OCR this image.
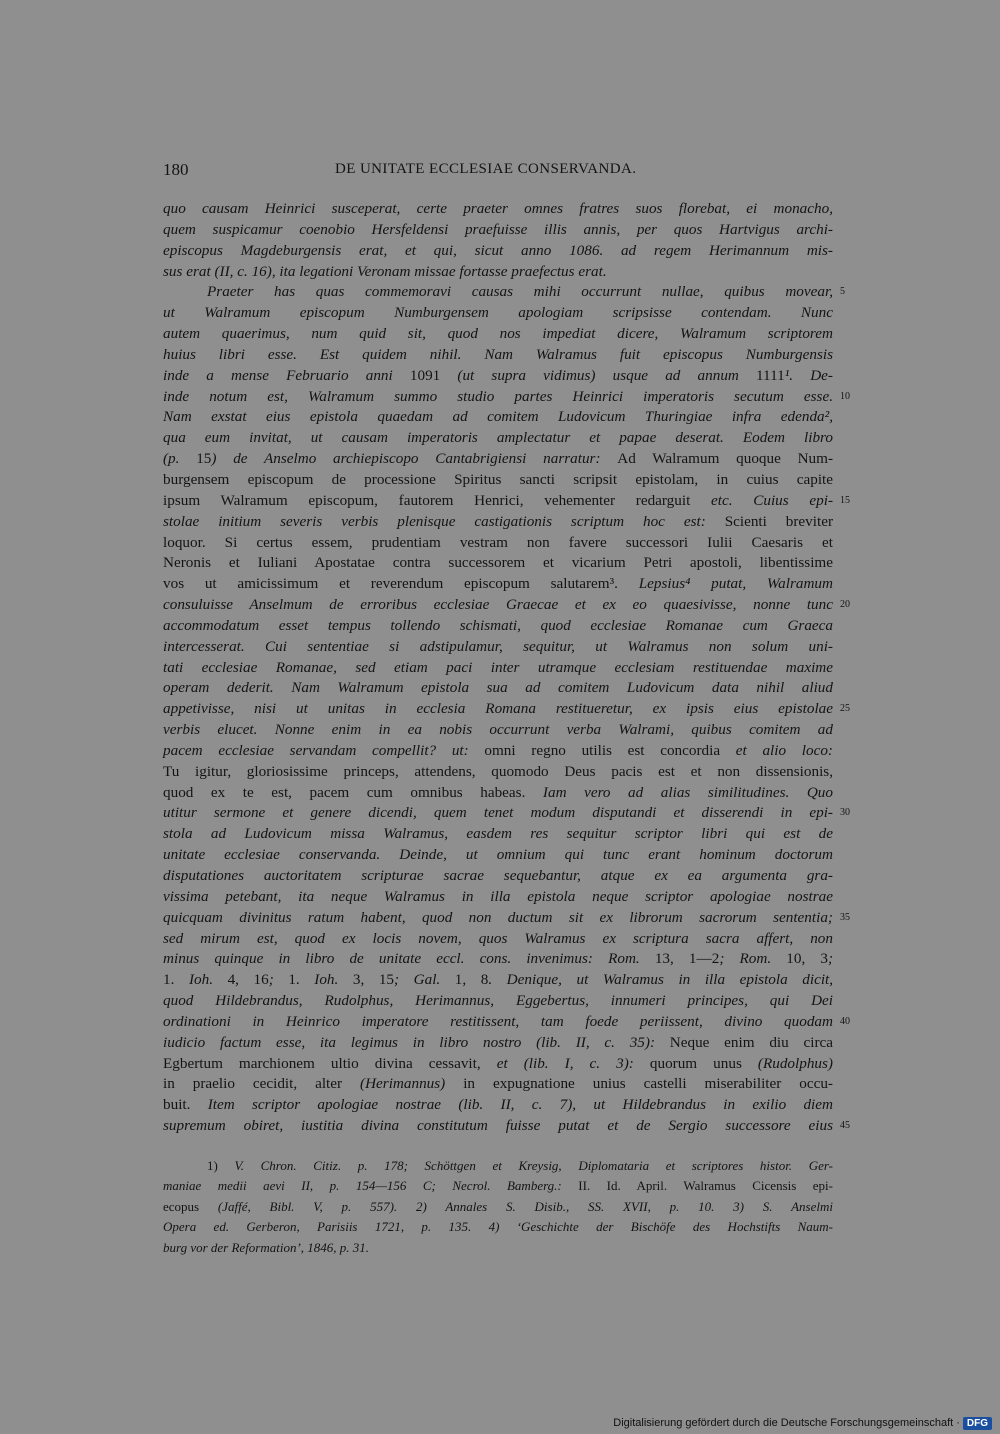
180	DE UNITATE ECCLESIAE CONSERVANDA.
quo causam Heinrici susceperat, certe praeter omnes fratres suos florebat, ei monacho,
quem suspicamur coenobio Hersfeldensi praefuisse illis annis, per quos Hartvigus archi-
episcopus Magdeburgensis erat, et qui, sicut anno 1086. ad regem Herimannum mis-
sus erat (II, c. 16), ita legationi Veronam missae fortasse praefectus erat.
Praeter has quas commemoravi causas mihi occurrunt nullae, quibus movear, 5
ut Walramum episcopum Numburgensem apologiam scripsisse contendam. Nunc
autem quaerimus, num quid sit, quod nos impediat dicere, Walramum scriptorem
huius libri esse. Est quidem nihil. Nam Walramus fuit episcopus Numburgensis
inde a mense Februario anni 1091 (ut supra vidimus) usque ad annum 1111¹. De-
inde notum est, Walramum summo studio partes Heinrici imperatoris secutum esse. 10
Nam exstat eius epistola quaedam ad comitem Ludovicum Thuringiae infra edenda²,
qua eum invitat, ut causam imperatoris amplectatur et papae deserat. Eodem libro
(p. 15) de Anselmo archiepiscopo Cantabrigiensi narratur: Ad Walramum quoque Num-
burgensem episcopum de processione Spiritus sancti scripsit epistolam, in cuius capite
ipsum Walramum episcopum, fautorem Henrici, vehementer redarguit etc. Cuius epi- 15
stolae initium severis verbis plenisque castigationis scriptum hoc est: Scienti breviter
loquor. Si certus essem, prudentiam vestram non favere successori Iulii Caesaris et
Neronis et Iuliani Apostatae contra successorem et vicarium Petri apostoli, libentissime
vos ut amicissimum et reverendum episcopum salutarem³. Lepsius⁴ putat, Walramum
consuluisse Anselmum de erroribus ecclesiae Graecae et ex eo quaesivisse, nonne tunc 20
accommodatum esset tempus tollendo schismati, quod ecclesiae Romanae cum Graeca
intercesserat. Cui sententiae si adstipulamur, sequitur, ut Walramus non solum uni-
tati ecclesiae Romanae, sed etiam paci inter utramque ecclesiam restituendae maxime
operam dederit. Nam Walramum epistola sua ad comitem Ludovicum data nihil aliud
appetivisse, nisi ut unitas in ecclesia Romana restitueretur, ex ipsis eius epistolae 25
verbis elucet. Nonne enim in ea nobis occurrunt verba Walrami, quibus comitem ad
pacem ecclesiae servandam compellit? ut: omni regno utilis est concordia et alio loco:
Tu igitur, gloriosissime princeps, attendens, quomodo Deus pacis est et non dissensionis,
quod ex te est, pacem cum omnibus habeas. Iam vero ad alias similitudines. Quo
utitur sermone et genere dicendi, quem tenet modum disputandi et disserendi in epi- 30
stola ad Ludovicum missa Walramus, easdem res sequitur scriptor libri qui est de
unitate ecclesiae conservanda. Deinde, ut omnium qui tunc erant hominum doctorum
disputationes auctoritatem scripturae sacrae sequebantur, atque ex ea argumenta gra-
vissima petebant, ita neque Walramus in illa epistola neque scriptor apologiae nostrae
quicquam divinitus ratum habent, quod non ductum sit ex librorum sacrorum sententia; 35
sed mirum est, quod ex locis novem, quos Walramus ex scriptura sacra affert, non
minus quinque in libro de unitate eccl. cons. invenimus: Rom. 13, 1—2; Rom. 10, 3;
1. Ioh. 4, 16; 1. Ioh. 3, 15; Gal. 1, 8. Denique, ut Walramus in illa epistola dicit,
quod Hildebrandus, Rudolphus, Herimannus, Eggebertus, innumeri principes, qui Dei
ordinationi in Heinrico imperatore restitissent, tam foede periissent, divino quodam 40
iudicio factum esse, ita legimus in libro nostro (lib. II, c. 35): Neque enim diu circa
Egbertum marchionem ultio divina cessavit, et (lib. I, c. 3): quorum unus (Rudolphus)
in praelio cecidit, alter (Herimannus) in expugnatione unius castelli miserabiliter occu-
buit. Item scriptor apologiae nostrae (lib. II, c. 7), ut Hildebrandus in exilio diem
supremum obiret, iustitia divina constitutum fuisse putat et de Sergio successore eius 45
1) V. Chron. Citiz. p. 178; Schöttgen et Kreysig, Diplomataria et scriptores histor. Ger-
maniae medii aevi II, p. 154—156 C; Necrol. Bamberg.: II. Id. April. Walramus Cicensis epi-
ecopus (Jaffé, Bibl. V, p. 557). 2) Annales S. Disib., SS. XVII, p. 10. 3) S. Anselmi
Opera ed. Gerberon, Parisiis 1721, p. 135. 4) ‘Geschichte der Bischöfe des Hochstifts Naum-
burg vor der Reformation’, 1846, p. 31.
Digitalisierung gefördert durch die Deutsche Forschungsgemeinschaft · DFG
